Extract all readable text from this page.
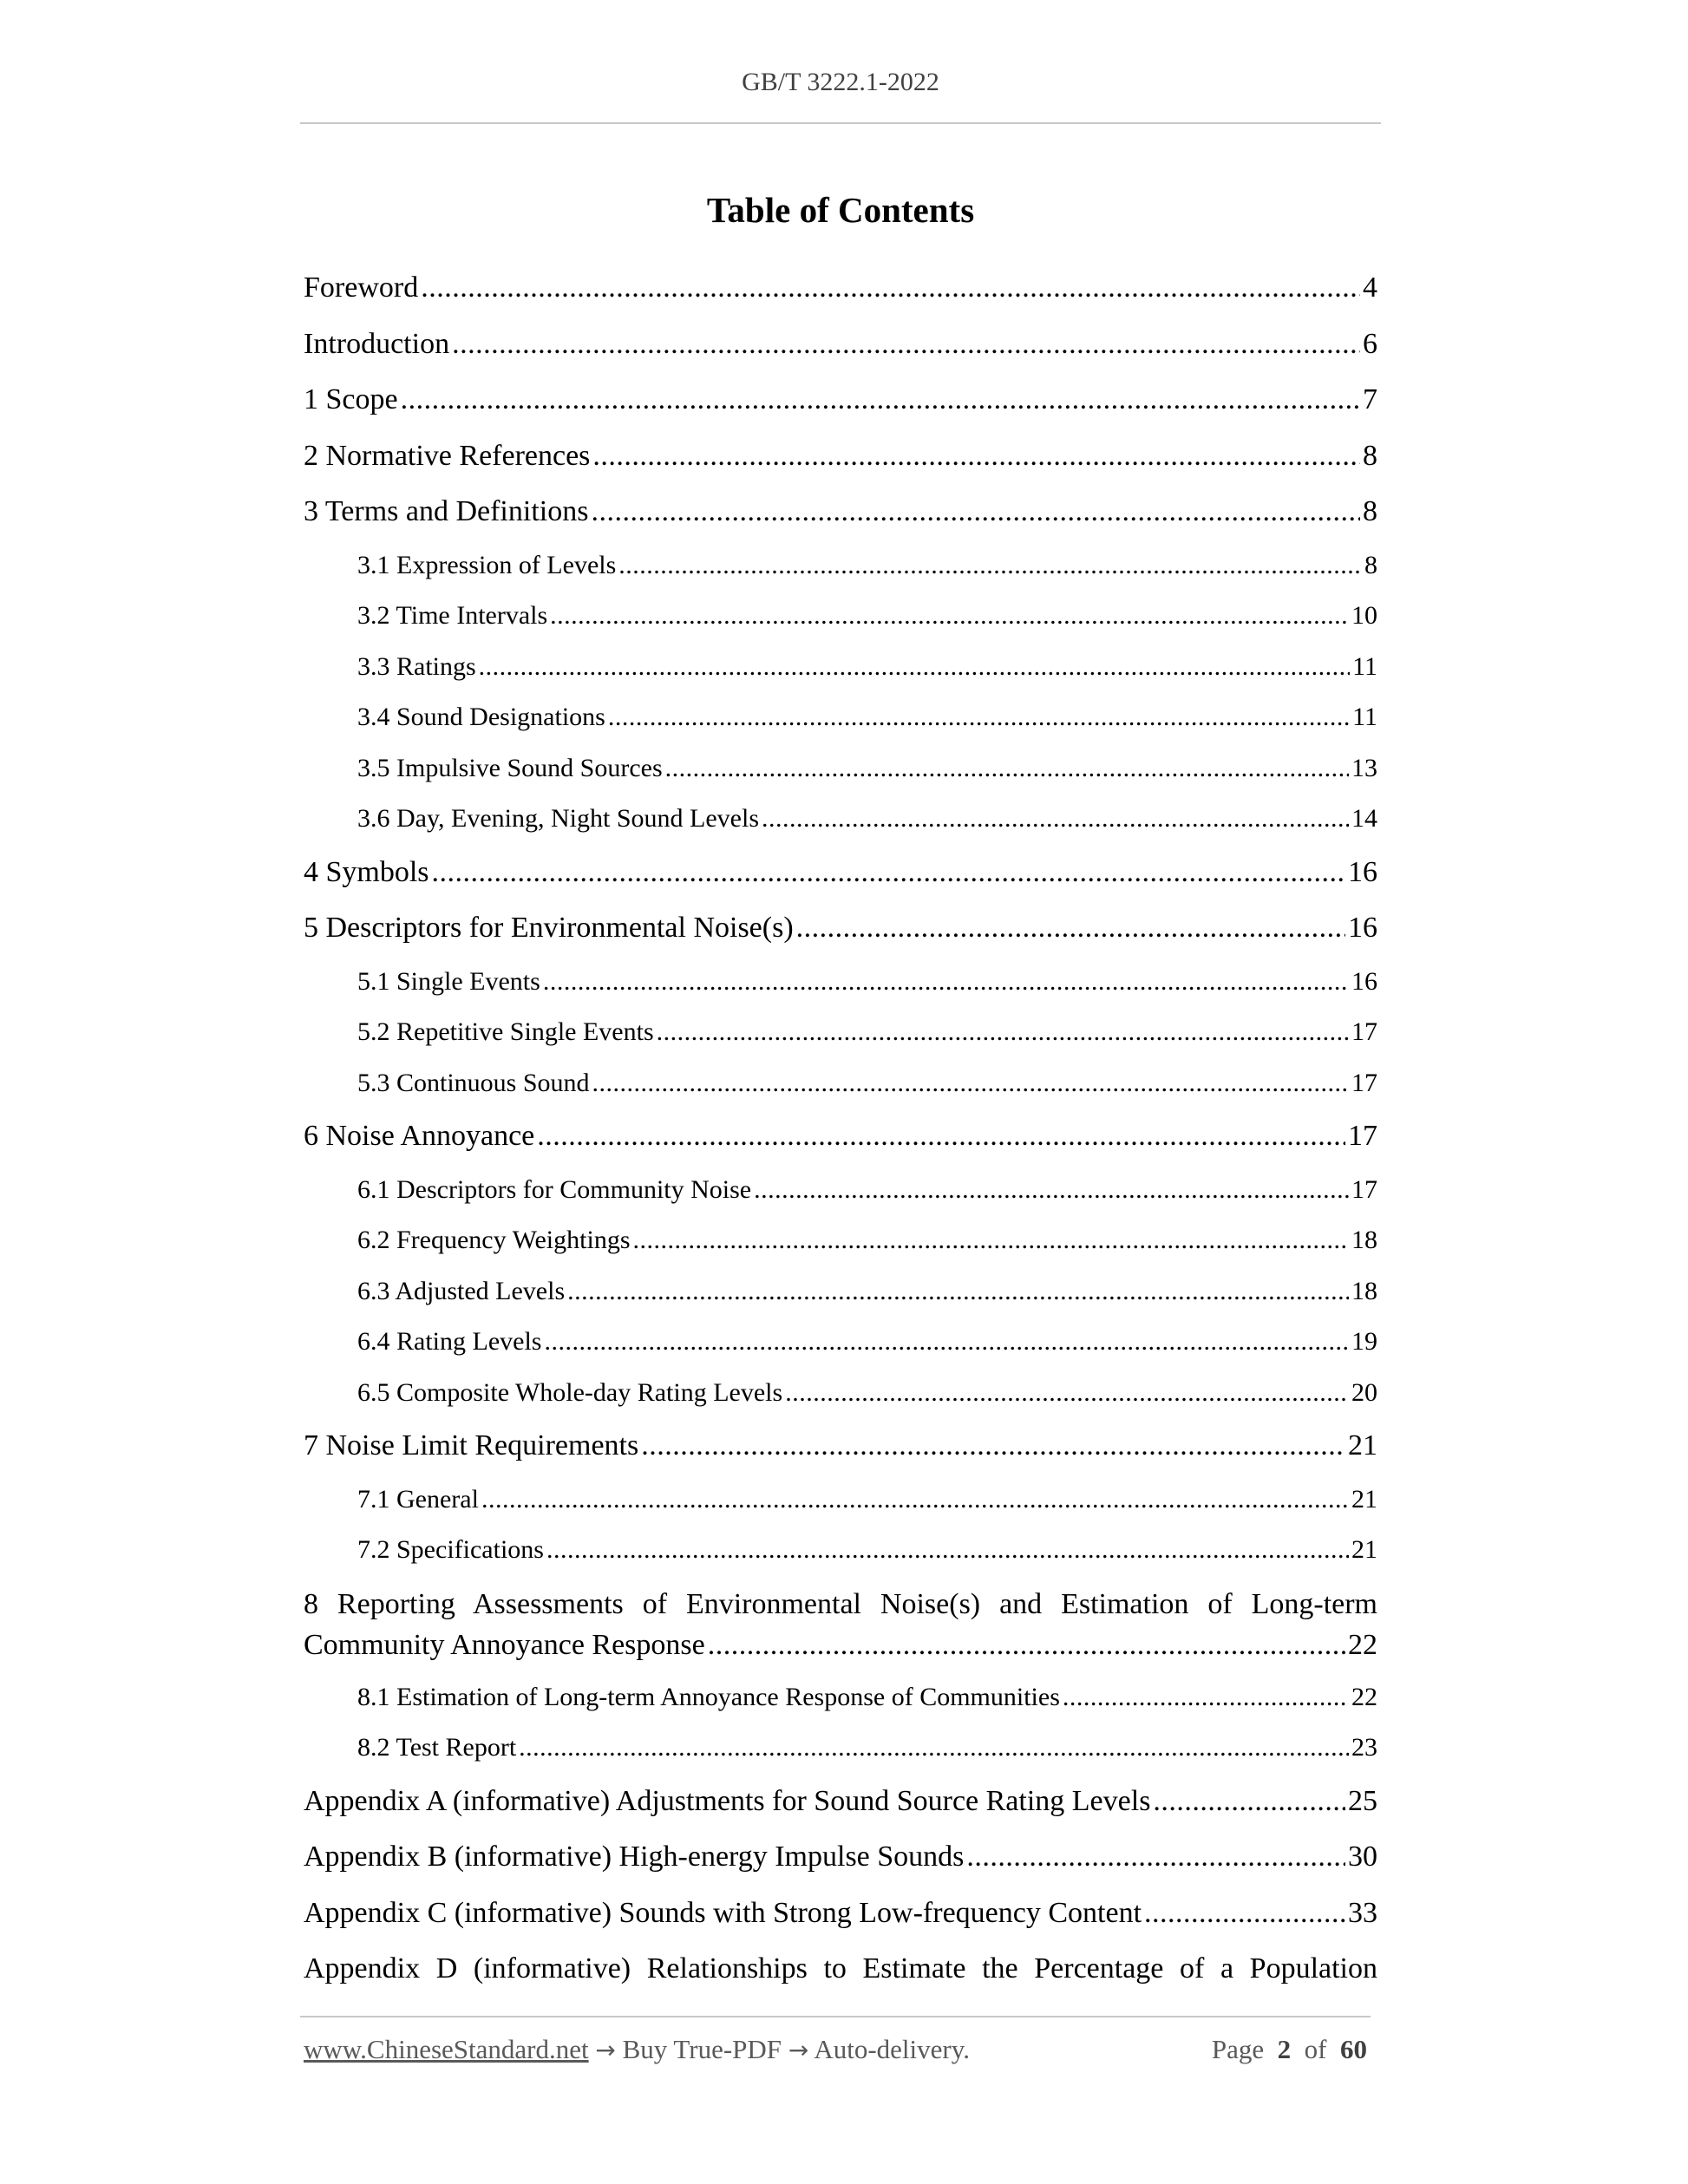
GB/T 3222.1-2022
Table of Contents
Foreword .....	4
Introduction .....	6
1 Scope .....	7
2 Normative References .....	8
3 Terms and Definitions .....	8
3.1 Expression of Levels .....	8
3.2 Time Intervals .....	10
3.3 Ratings .....	11
3.4 Sound Designations .....	11
3.5 Impulsive Sound Sources .....	13
3.6 Day, Evening, Night Sound Levels .....	14
4 Symbols .....	16
5 Descriptors for Environmental Noise(s) .....	16
5.1 Single Events .....	16
5.2 Repetitive Single Events .....	17
5.3 Continuous Sound .....	17
6 Noise Annoyance .....	17
6.1 Descriptors for Community Noise .....	17
6.2 Frequency Weightings .....	18
6.3 Adjusted Levels .....	18
6.4 Rating Levels .....	19
6.5 Composite Whole-day Rating Levels .....	20
7 Noise Limit Requirements .....	21
7.1 General .....	21
7.2 Specifications .....	21
8 Reporting Assessments of Environmental Noise(s) and Estimation of Long-term
Community Annoyance Response .....	22
8.1 Estimation of Long-term Annoyance Response of Communities .....	22
8.2 Test Report .....	23
Appendix A (informative) Adjustments for Sound Source Rating Levels .....	25
Appendix B (informative) High-energy Impulse Sounds .....	30
Appendix C (informative) Sounds with Strong Low-frequency Content .....	33
Appendix D (informative) Relationships to Estimate the Percentage of a Population
www.ChineseStandard.net → Buy True-PDF → Auto-delivery.	Page 2 of 60
